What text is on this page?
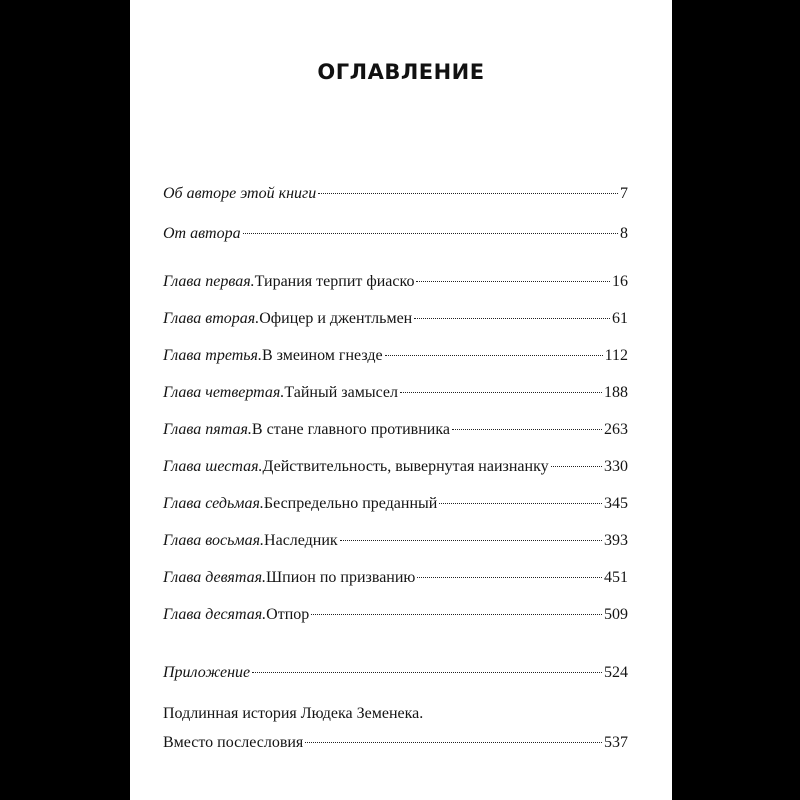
ОГЛАВЛЕНИЕ
Об авторе этой книги	7
От автора	8
Глава первая. Тирания терпит фиаско	16
Глава вторая. Офицер и джентльмен	61
Глава третья. В змеином гнезде	112
Глава четвертая. Тайный замысел	188
Глава пятая. В стане главного противника	263
Глава шестая. Действительность, вывернутая наизнанку	330
Глава седьмая. Беспредельно преданный	345
Глава восьмая. Наследник	393
Глава девятая. Шпион по призванию	451
Глава десятая. Отпор	509
Приложение	524
Подлинная история Людека Земенека.
Вместо послесловия	537
